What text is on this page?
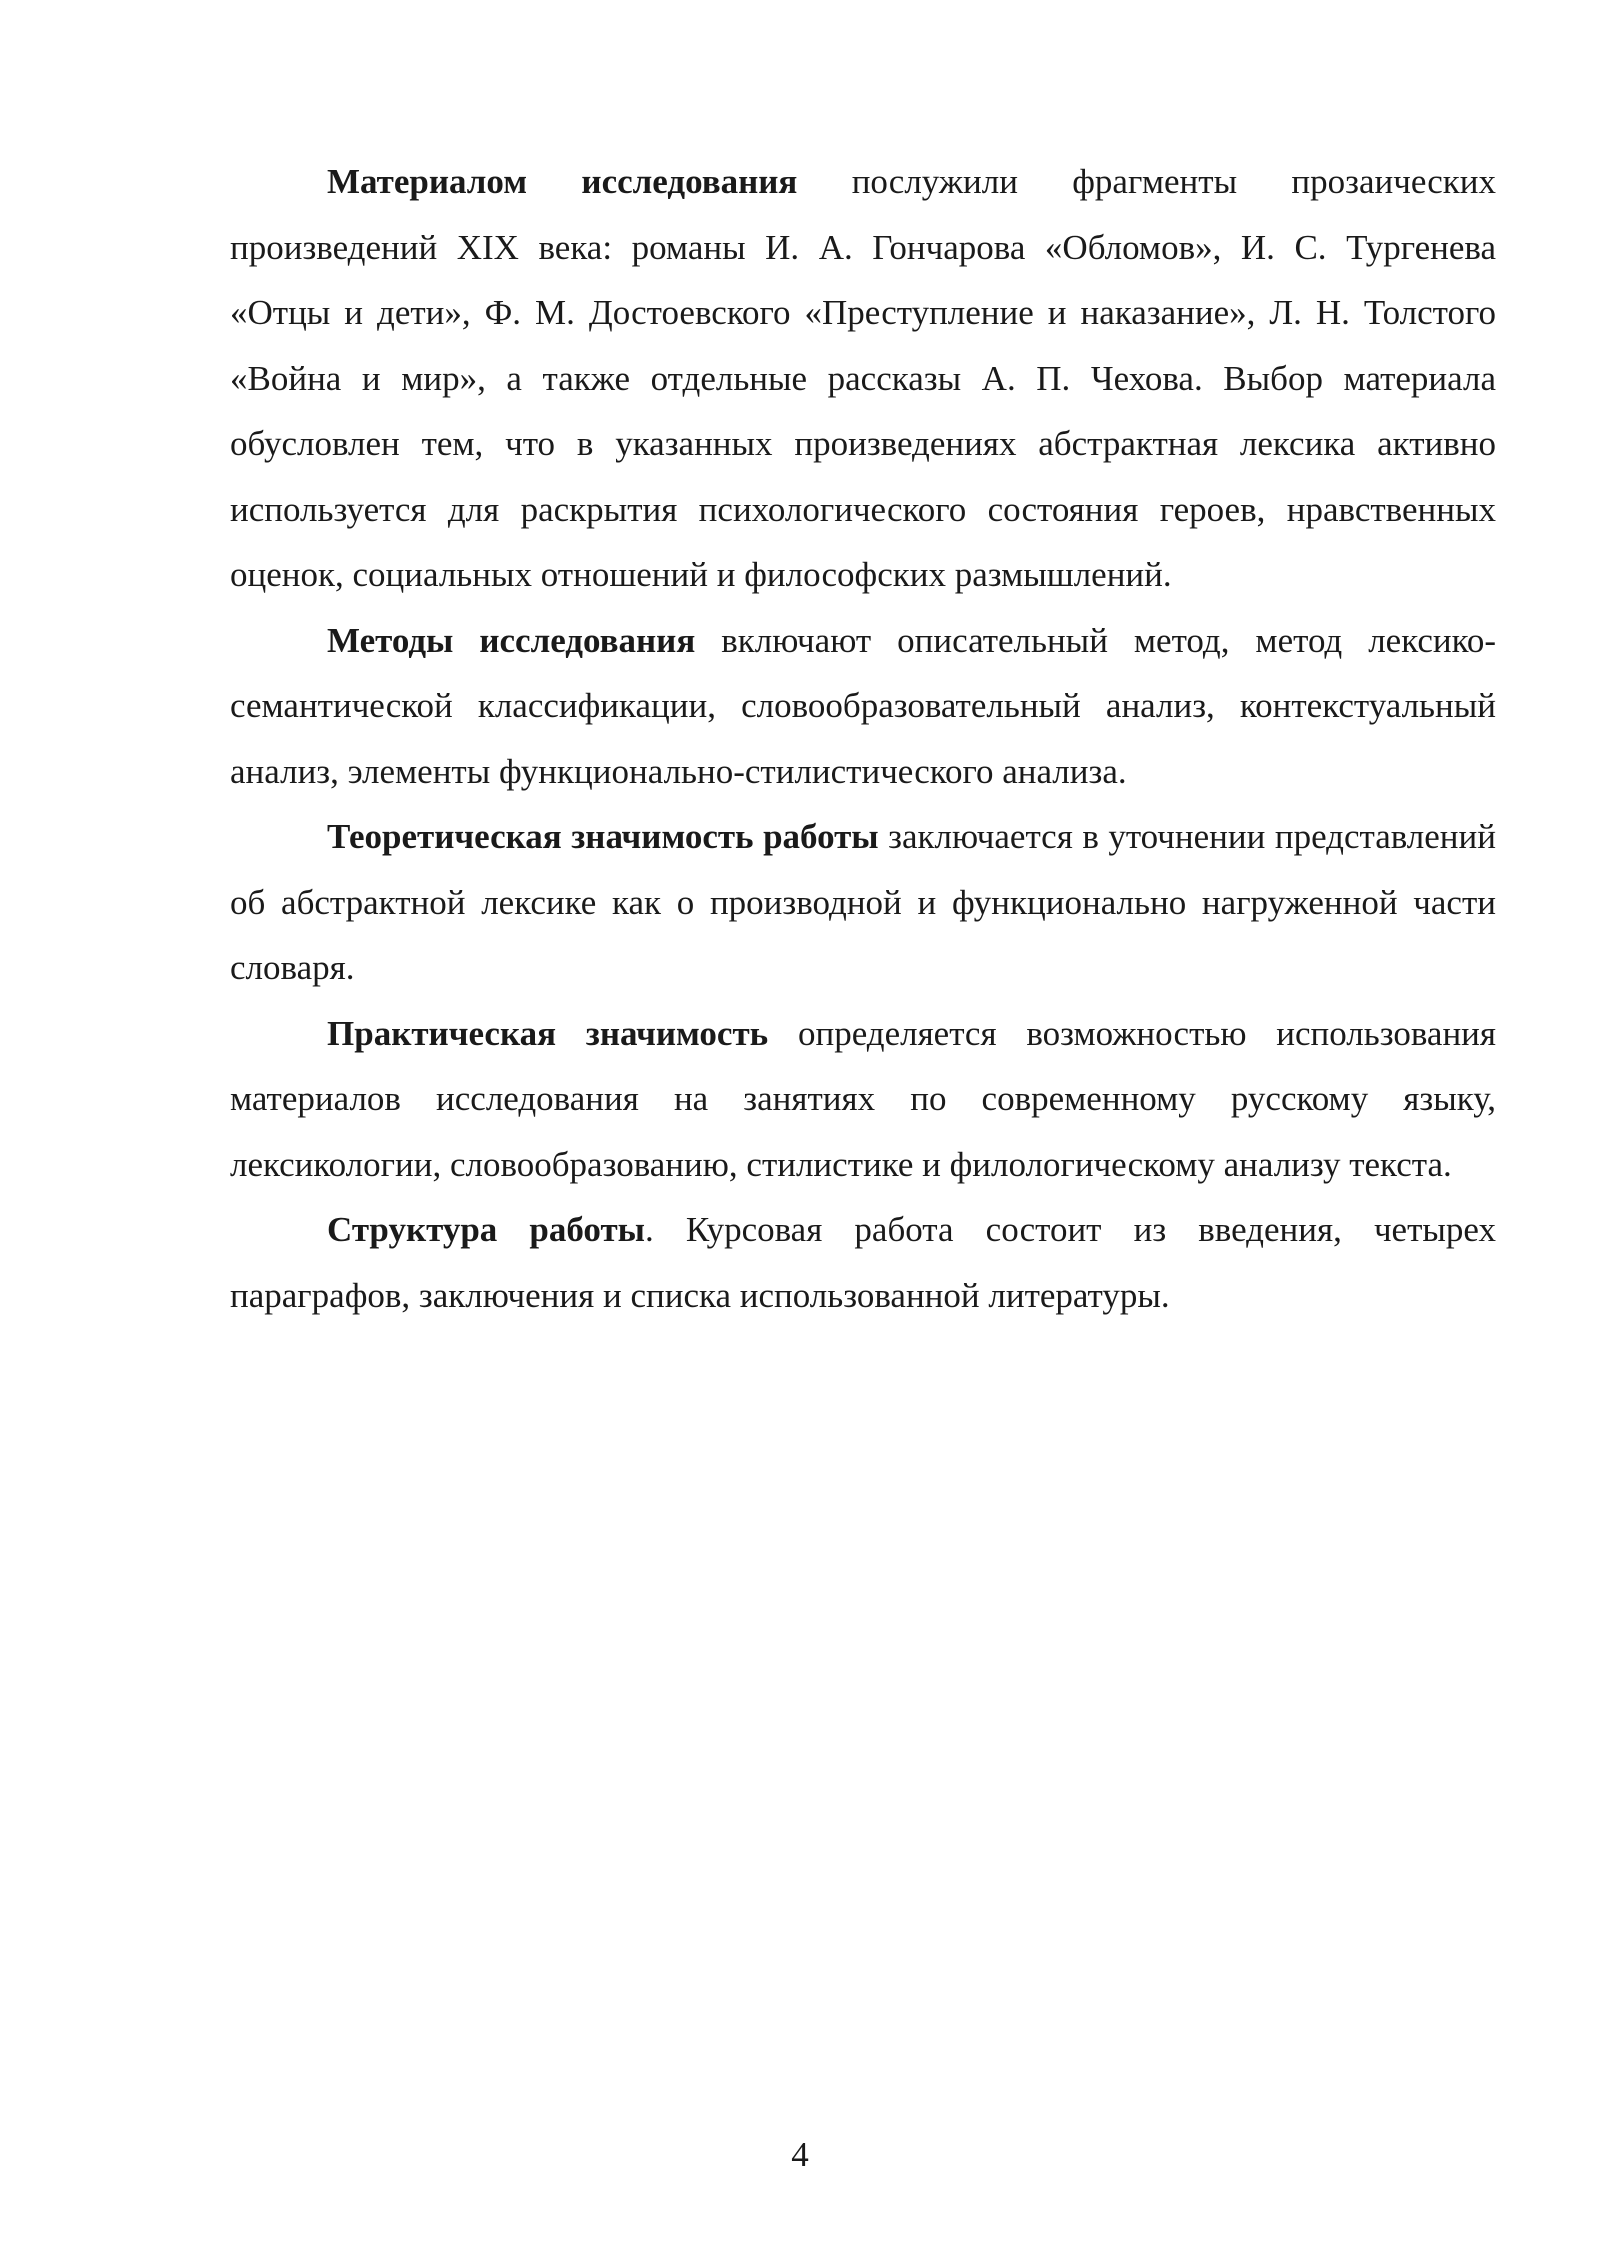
Материалом исследования послужили фрагменты прозаических произведений XIX века: романы И. А. Гончарова «Обломов», И. С. Тургенева «Отцы и дети», Ф. М. Достоевского «Преступление и наказание», Л. Н. Толстого «Война и мир», а также отдельные рассказы А. П. Чехова. Выбор материала обусловлен тем, что в указанных произведениях абстрактная лексика активно используется для раскрытия психологического состояния героев, нравственных оценок, социальных отношений и философских размышлений.

Методы исследования включают описательный метод, метод лексико-семантической классификации, словообразовательный анализ, контекстуальный анализ, элементы функционально-стилистического анализа.

Теоретическая значимость работы заключается в уточнении представлений об абстрактной лексике как о производной и функционально нагруженной части словаря.

Практическая значимость определяется возможностью использования материалов исследования на занятиях по современному русскому языку, лексикологии, словообразованию, стилистике и филологическому анализу текста.

Структура работы. Курсовая работа состоит из введения, четырех параграфов, заключения и списка использованной литературы.

4
